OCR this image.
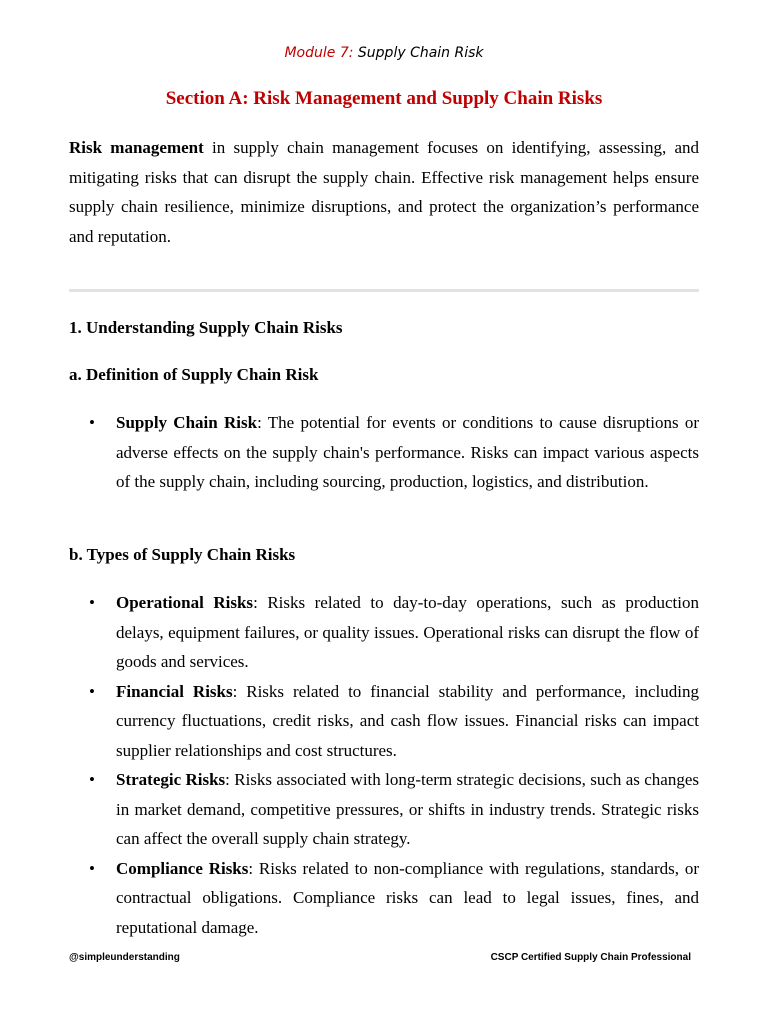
Module 7: Supply Chain Risk
Section A: Risk Management and Supply Chain Risks

Risk management in supply chain management focuses on identifying, assessing, and mitigating risks that can disrupt the supply chain. Effective risk management helps ensure supply chain resilience, minimize disruptions, and protect the organization’s performance and reputation.

1. Understanding Supply Chain Risks
a. Definition of Supply Chain Risk
• Supply Chain Risk: The potential for events or conditions to cause disruptions or adverse effects on the supply chain's performance. Risks can impact various aspects of the supply chain, including sourcing, production, logistics, and distribution.
b. Types of Supply Chain Risks
• Operational Risks: Risks related to day-to-day operations, such as production delays, equipment failures, or quality issues. Operational risks can disrupt the flow of goods and services.
• Financial Risks: Risks related to financial stability and performance, including currency fluctuations, credit risks, and cash flow issues. Financial risks can impact supplier relationships and cost structures.
• Strategic Risks: Risks associated with long-term strategic decisions, such as changes in market demand, competitive pressures, or shifts in industry trends. Strategic risks can affect the overall supply chain strategy.
• Compliance Risks: Risks related to non-compliance with regulations, standards, or contractual obligations. Compliance risks can lead to legal issues, fines, and reputational damage.
@simpleunderstanding	CSCP Certified Supply Chain Professional
